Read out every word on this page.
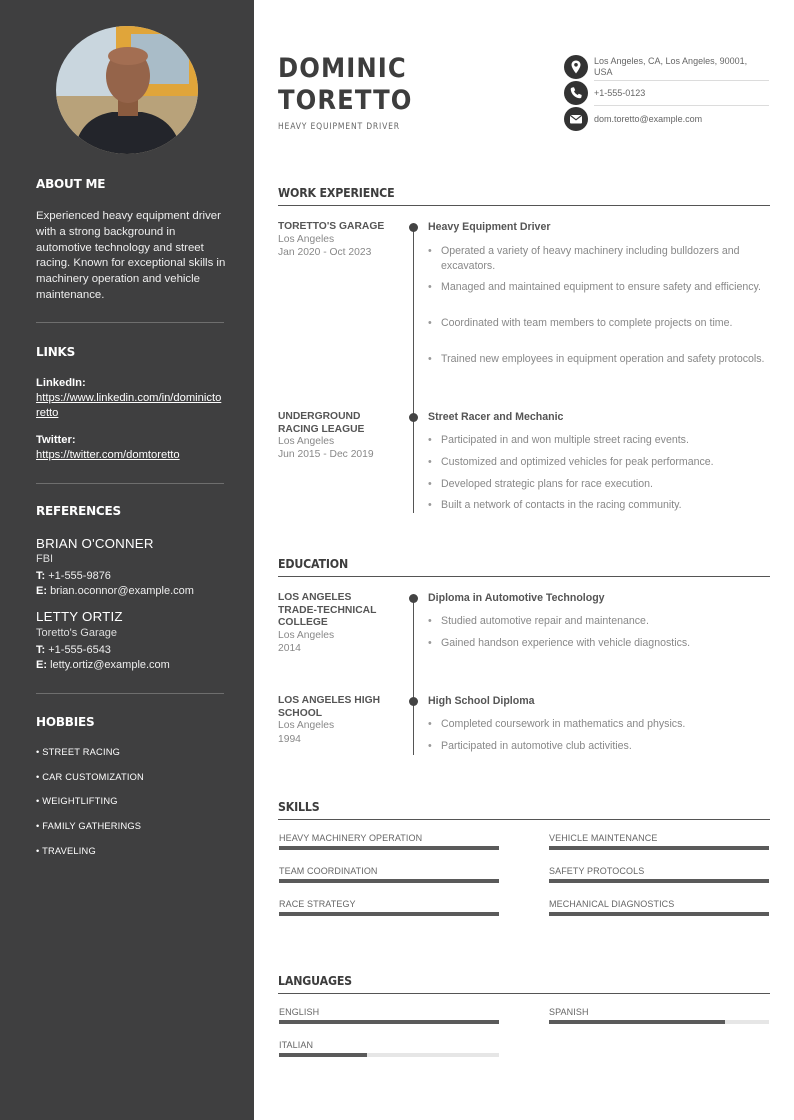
ABOUT ME
Experienced heavy equipment driver with a strong background in automotive technology and street racing. Known for exceptional skills in machinery operation and vehicle maintenance.
LINKS
LinkedIn:
https://www.linkedin.com/in/dominictoretto
Twitter:
https://twitter.com/domtoretto
REFERENCES
BRIAN O'CONNER
FBI
T: +1-555-9876
E: brian.oconnor@example.com
LETTY ORTIZ
Toretto's Garage
T: +1-555-6543
E: letty.ortiz@example.com
HOBBIES
• STREET RACING
• CAR CUSTOMIZATION
• WEIGHTLIFTING
• FAMILY GATHERINGS
• TRAVELING
DOMINIC
TORETTO
HEAVY EQUIPMENT DRIVER
Los Angeles, CA, Los Angeles, 90001,
USA
+1-555-0123
dom.toretto@example.com
WORK EXPERIENCE
TORETTO'S GARAGE
Los Angeles
Jan 2020 - Oct 2023
Heavy Equipment Driver
• Operated a variety of heavy machinery including bulldozers and excavators.
• Managed and maintained equipment to ensure safety and efficiency.
• Coordinated with team members to complete projects on time.
• Trained new employees in equipment operation and safety protocols.
UNDERGROUND RACING LEAGUE
Los Angeles
Jun 2015 - Dec 2019
Street Racer and Mechanic
• Participated in and won multiple street racing events.
• Customized and optimized vehicles for peak performance.
• Developed strategic plans for race execution.
• Built a network of contacts in the racing community.
EDUCATION
LOS ANGELES TRADE-TECHNICAL COLLEGE
Los Angeles
2014
Diploma in Automotive Technology
• Studied automotive repair and maintenance.
• Gained handson experience with vehicle diagnostics.
LOS ANGELES HIGH SCHOOL
Los Angeles
1994
High School Diploma
• Completed coursework in mathematics and physics.
• Participated in automotive club activities.
SKILLS
HEAVY MACHINERY OPERATION	VEHICLE MAINTENANCE
TEAM COORDINATION	SAFETY PROTOCOLS
RACE STRATEGY	MECHANICAL DIAGNOSTICS
LANGUAGES
ENGLISH	SPANISH
ITALIAN
